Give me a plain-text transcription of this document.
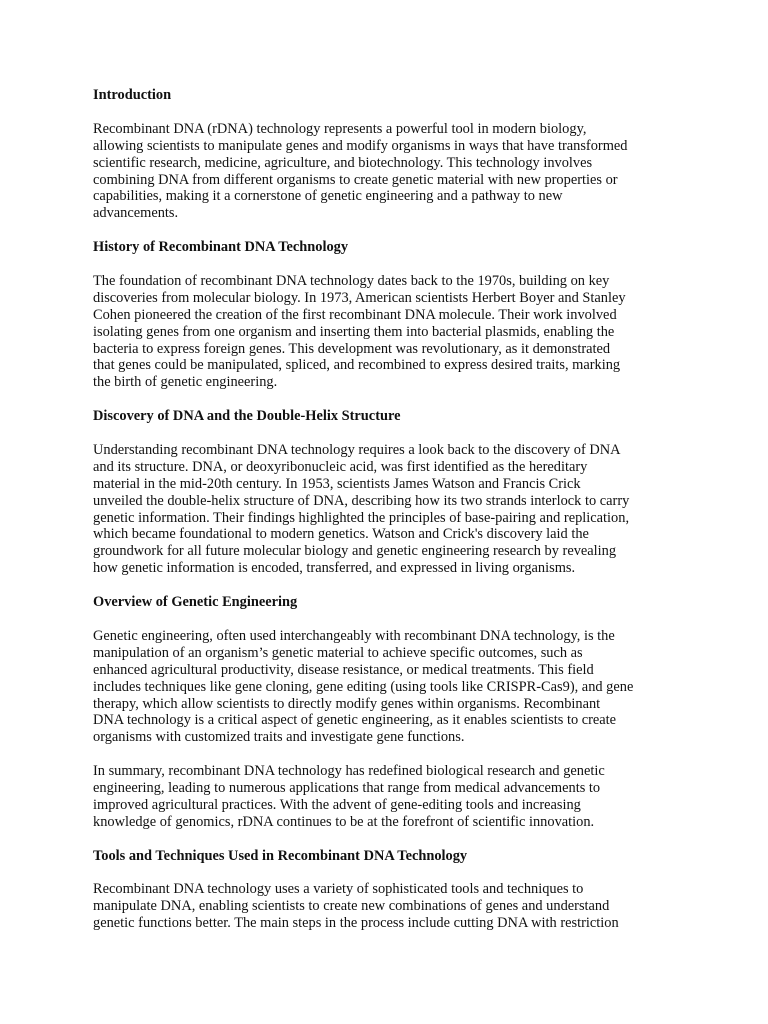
Introduction
Recombinant DNA (rDNA) technology represents a powerful tool in modern biology,
allowing scientists to manipulate genes and modify organisms in ways that have transformed
scientific research, medicine, agriculture, and biotechnology. This technology involves
combining DNA from different organisms to create genetic material with new properties or
capabilities, making it a cornerstone of genetic engineering and a pathway to new
advancements.
History of Recombinant DNA Technology
The foundation of recombinant DNA technology dates back to the 1970s, building on key
discoveries from molecular biology. In 1973, American scientists Herbert Boyer and Stanley
Cohen pioneered the creation of the first recombinant DNA molecule. Their work involved
isolating genes from one organism and inserting them into bacterial plasmids, enabling the
bacteria to express foreign genes. This development was revolutionary, as it demonstrated
that genes could be manipulated, spliced, and recombined to express desired traits, marking
the birth of genetic engineering.
Discovery of DNA and the Double-Helix Structure
Understanding recombinant DNA technology requires a look back to the discovery of DNA
and its structure. DNA, or deoxyribonucleic acid, was first identified as the hereditary
material in the mid-20th century. In 1953, scientists James Watson and Francis Crick
unveiled the double-helix structure of DNA, describing how its two strands interlock to carry
genetic information. Their findings highlighted the principles of base-pairing and replication,
which became foundational to modern genetics. Watson and Crick's discovery laid the
groundwork for all future molecular biology and genetic engineering research by revealing
how genetic information is encoded, transferred, and expressed in living organisms.
Overview of Genetic Engineering
Genetic engineering, often used interchangeably with recombinant DNA technology, is the
manipulation of an organism’s genetic material to achieve specific outcomes, such as
enhanced agricultural productivity, disease resistance, or medical treatments. This field
includes techniques like gene cloning, gene editing (using tools like CRISPR-Cas9), and gene
therapy, which allow scientists to directly modify genes within organisms. Recombinant
DNA technology is a critical aspect of genetic engineering, as it enables scientists to create
organisms with customized traits and investigate gene functions.
In summary, recombinant DNA technology has redefined biological research and genetic
engineering, leading to numerous applications that range from medical advancements to
improved agricultural practices. With the advent of gene-editing tools and increasing
knowledge of genomics, rDNA continues to be at the forefront of scientific innovation.
Tools and Techniques Used in Recombinant DNA Technology
Recombinant DNA technology uses a variety of sophisticated tools and techniques to
manipulate DNA, enabling scientists to create new combinations of genes and understand
genetic functions better. The main steps in the process include cutting DNA with restriction
